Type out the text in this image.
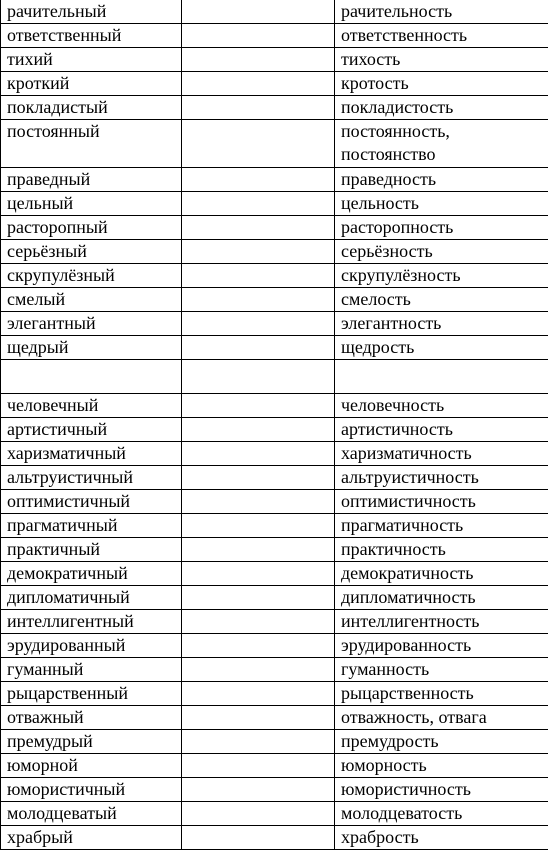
рачительный		рачительность
ответственный		ответственность
тихий		тихость
кроткий		кротость
покладистый		покладистость
постоянный		постоянность,
постоянство
праведный		праведность
цельный		цельность
расторопный		расторопность
серьёзный		серьёзность
скрупулёзный		скрупулёзность
смелый		смелость
элегантный		элегантность
щедрый		щедрость

человечный		человечность
артистичный		артистичность
харизматичный		харизматичность
альтруистичный		альтруистичность
оптимистичный		оптимистичность
прагматичный		прагматичность
практичный		практичность
демократичный		демократичность
дипломатичный		дипломатичность
интеллигентный		интеллигентность
эрудированный		эрудированность
гуманный		гуманность
рыцарственный		рыцарственность
отважный		отважность, отвага
премудрый		премудрость
юморной		юморность
юмористичный		юмористичность
молодцеватый		молодцеватость
храбрый		храбрость
